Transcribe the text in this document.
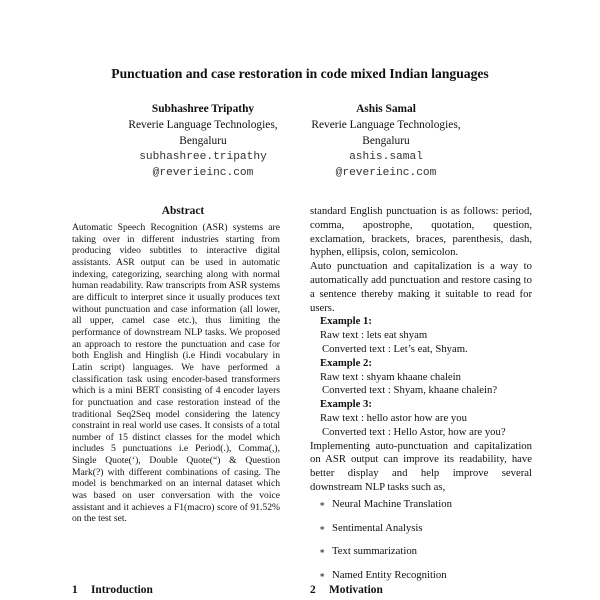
Punctuation and case restoration in code mixed Indian languages
Subhashree Tripathy
Reverie Language Technologies,
Bengaluru
subhashree.tripathy
@reverieinc.com
Ashis Samal
Reverie Language Technologies,
Bengaluru
ashis.samal
@reverieinc.com
Abstract

Automatic Speech Recognition (ASR) systems are taking over in different industries starting from producing video subtitles to interactive digital assistants. ASR output can be used in automatic indexing, categorizing, searching along with normal human readability. Raw transcripts from ASR systems are difficult to interpret since it usually produces text without punctuation and case information (all lower, all upper, camel case etc.), thus limiting the performance of downstream NLP tasks. We proposed an approach to restore the punctuation and case for both English and Hinglish (i.e Hindi vocabulary in Latin script) languages. We have performed a classification task using encoder-based transformers which is a mini BERT consisting of 4 encoder layers for punctuation and case restoration instead of the traditional Seq2Seq model considering the latency constraint in real world use cases. It consists of a total number of 15 distinct classes for the model which includes 5 punctuations i.e Period(.), Comma(,), Single Quote(‘), Double Quote(“) & Question Mark(?) with different combinations of casing. The model is benchmarked on an internal dataset which was based on user conversation with the voice assistant and it achieves a F1(macro) score of 91.52% on the test set.

standard English punctuation is as follows: period, comma, apostrophe, quotation, question, exclamation, brackets, braces, parenthesis, dash, hyphen, ellipsis, colon, semicolon.

Auto punctuation and capitalization is a way to automatically add punctuation and restore casing to a sentence thereby making it suitable to read for users.

Example 1:
Raw text : lets eat shyam
Converted text : Let’s eat, Shyam.
Example 2:
Raw text : shyam khaane chalein
Converted text : Shyam, khaane chalein?
Example 3:
Raw text : hello astor how are you
Converted text : Hello Astor, how are you?

Implementing auto-punctuation and capitalization on ASR output can improve its readability, have better display and help improve several downstream NLP tasks such as,

∗ Neural Machine Translation
∗ Sentimental Analysis
∗ Text summarization
∗ Named Entity Recognition
1 Introduction	2 Motivation
